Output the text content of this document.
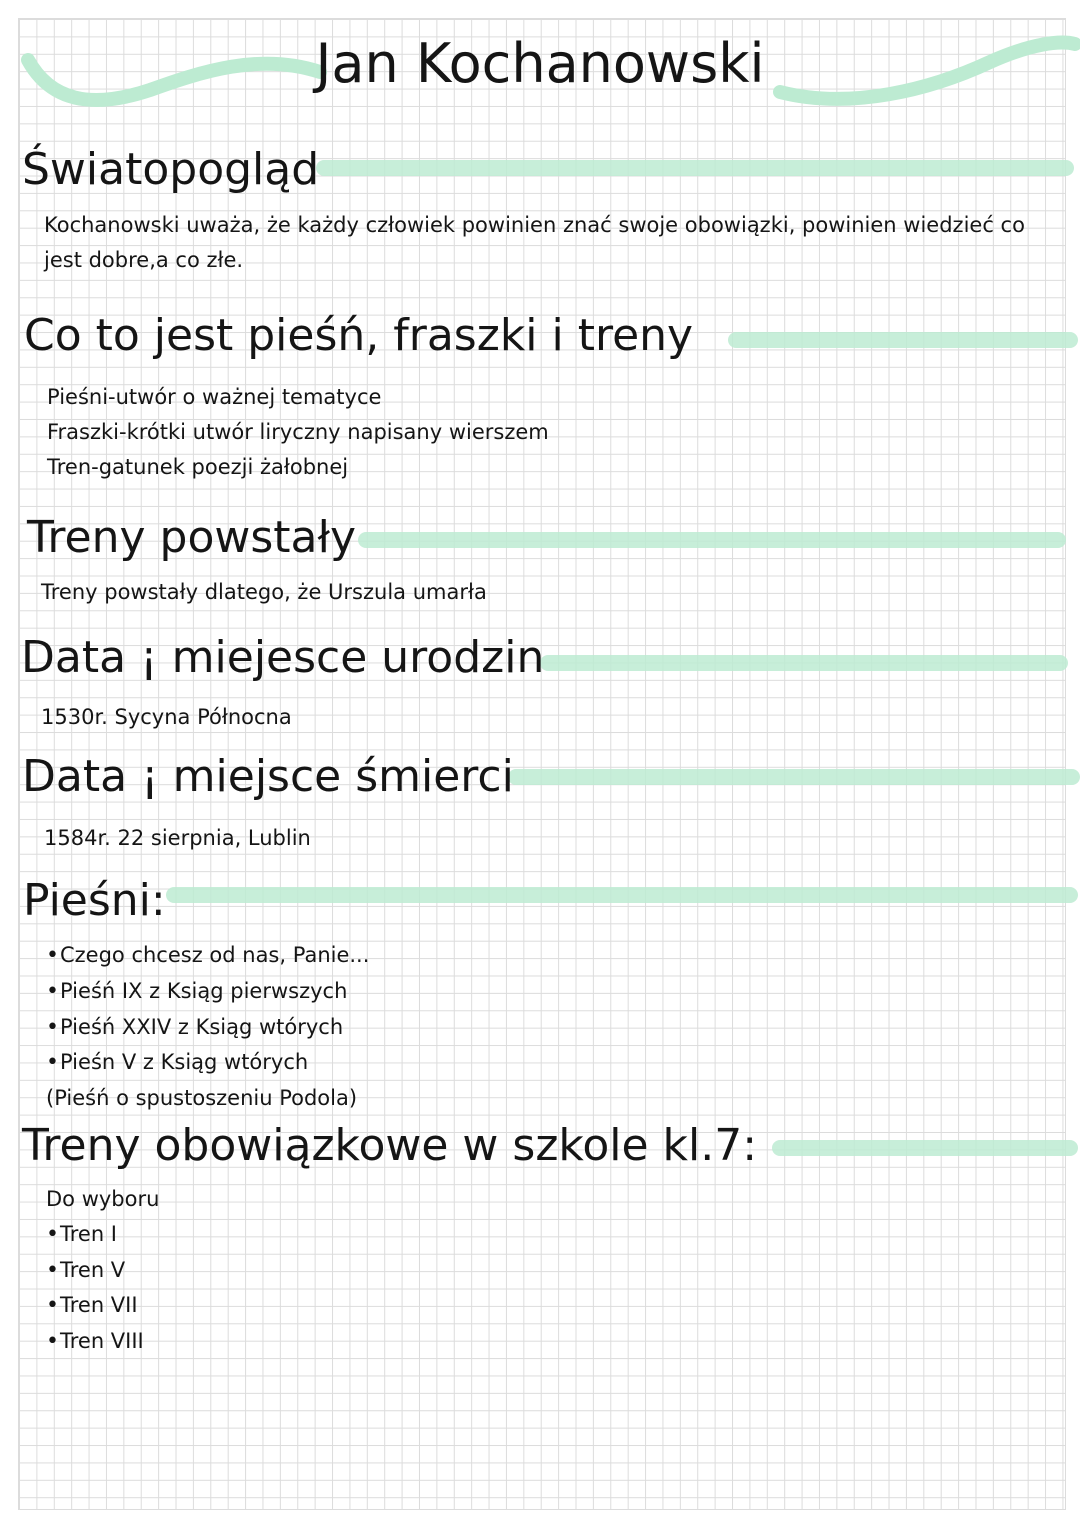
Jan Kochanowski
Światopogląd

Kochanowski uważa, że każdy człowiek powinien znać swoje obowiązki, powinien wiedzieć co

jest dobre,a co złe.

Co to jest pieśń, fraszki i treny
Pieśni-utwór o ważnej tematyce
Fraszki-krótki utwór liryczny napisany wierszem
Tren-gatunek poezji żałobnej
Treny powstały

Treny powstały dlatego, że Urszula umarła

Data ¡ miejesce urodzin

1530r. Sycyna Północna

Data ¡ miejsce śmierci

1584r. 22 sierpnia, Lublin

Pieśni:
• Czego chcesz od nas, Panie...
• Pieśń IX z Ksiąg pierwszych
• Pieśń XXIV z Ksiąg wtórych
• Pieśn V z Ksiąg wtórych
(Pieśń o spustoszeniu Podola)
Treny obowiązkowe w szkole kl.7:
Do wyboru
• Tren I
• Tren V
• Tren VII
• Tren VIII
